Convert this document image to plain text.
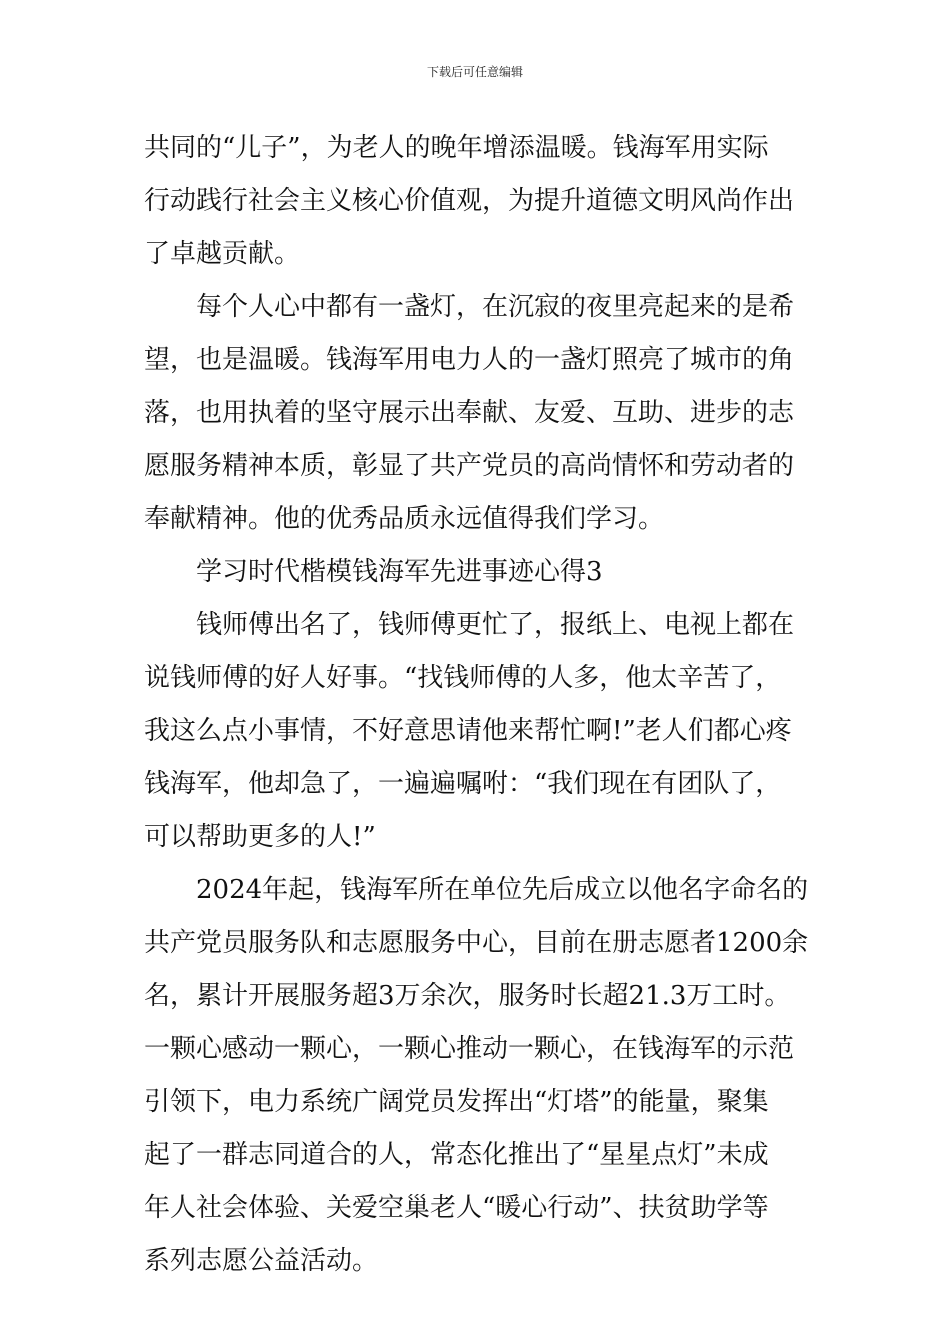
下载后可任意编辑

共同的“儿子”，为老人的晚年增添温暖。钱海军用实际
行动践行社会主义核心价值观，为提升道德文明风尚作出
了卓越贡献。

每个人心中都有一盏灯，在沉寂的夜里亮起来的是希
望，也是温暖。钱海军用电力人的一盏灯照亮了城市的角
落，也用执着的坚守展示出奉献、友爱、互助、进步的志
愿服务精神本质，彰显了共产党员的高尚情怀和劳动者的
奉献精神。他的优秀品质永远值得我们学习。

学习时代楷模钱海军先进事迹心得3

钱师傅出名了，钱师傅更忙了，报纸上、电视上都在
说钱师傅的好人好事。“找钱师傅的人多，他太辛苦了，
我这么点小事情，不好意思请他来帮忙啊!”老人们都心疼
钱海军，他却急了，一遍遍嘱咐：“我们现在有团队了，
可以帮助更多的人!”

2024年起，钱海军所在单位先后成立以他名字命名的
共产党员服务队和志愿服务中心，目前在册志愿者1200余
名，累计开展服务超3万余次，服务时长超21.3万工时。
一颗心感动一颗心，一颗心推动一颗心，在钱海军的示范
引领下，电力系统广阔党员发挥出“灯塔”的能量，聚集
起了一群志同道合的人，常态化推出了“星星点灯”未成
年人社会体验、关爱空巢老人“暖心行动”、扶贫助学等
系列志愿公益活动。
